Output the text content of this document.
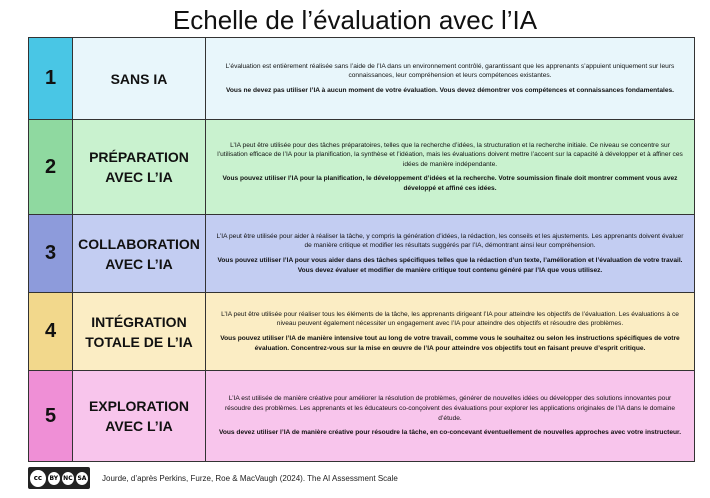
Echelle de l’évaluation avec l’IA
1	SANS IA

L’évaluation est entièrement réalisée sans l’aide de l’IA dans un environnement contrôlé, garantissant que les apprenants s’appuient uniquement sur leurs connaissances, leur compréhension et leurs compétences existantes.

Vous ne devez pas utiliser l’IA à aucun moment de votre évaluation. Vous devez démontrer vos compétences et connaissances fondamentales.

2	PRÉPARATION
AVEC L’IA

L’IA peut être utilisée pour des tâches préparatoires, telles que la recherche d’idées, la structuration et la recherche initiale. Ce niveau se concentre sur l’utilisation efficace de l’IA pour la planification, la synthèse et l’idéation, mais les évaluations doivent mettre l’accent sur la capacité à développer et à affiner ces idées de manière indépendante.

Vous pouvez utiliser l’IA pour la planification, le développement d’idées et la recherche. Votre soumission finale doit montrer comment vous avez développé et affiné ces idées.

3	COLLABORATION
AVEC L’IA

L’IA peut être utilisée pour aider à réaliser la tâche, y compris la génération d’idées, la rédaction, les conseils et les ajustements. Les apprenants doivent évaluer de manière critique et modifier les résultats suggérés par l’IA, démontrant ainsi leur compréhension.

Vous pouvez utiliser l’IA pour vous aider dans des tâches spécifiques telles que la rédaction d’un texte, l’amélioration et l’évaluation de votre travail. Vous devez évaluer et modifier de manière critique tout contenu généré par l’IA que vous utilisez.

4	INTÉGRATION
TOTALE DE L’IA

L’IA peut être utilisée pour réaliser tous les éléments de la tâche, les apprenants dirigeant l’IA pour atteindre les objectifs de l’évaluation. Les évaluations à ce niveau peuvent également nécessiter un engagement avec l’IA pour atteindre des objectifs et résoudre des problèmes.

Vous pouvez utiliser l’IA de manière intensive tout au long de votre travail, comme vous le souhaitez ou selon les instructions spécifiques de votre évaluation. Concentrez-vous sur la mise en œuvre de l’IA pour atteindre vos objectifs tout en faisant preuve d’esprit critique.

5	EXPLORATION
AVEC L’IA

L’IA est utilisée de manière créative pour améliorer la résolution de problèmes, générer de nouvelles idées ou développer des solutions innovantes pour résoudre des problèmes. Les apprenants et les éducateurs co-conçoivent des évaluations pour explorer les applications originales de l’IA dans le domaine d’étude.

Vous devez utiliser l’IA de manière créative pour résoudre la tâche, en co-concevant éventuellement de nouvelles approches avec votre instructeur.

cc	BY NC SA Jourde, d’après Perkins, Furze, Roe & MacVaugh (2024). The AI Assessment Scale
